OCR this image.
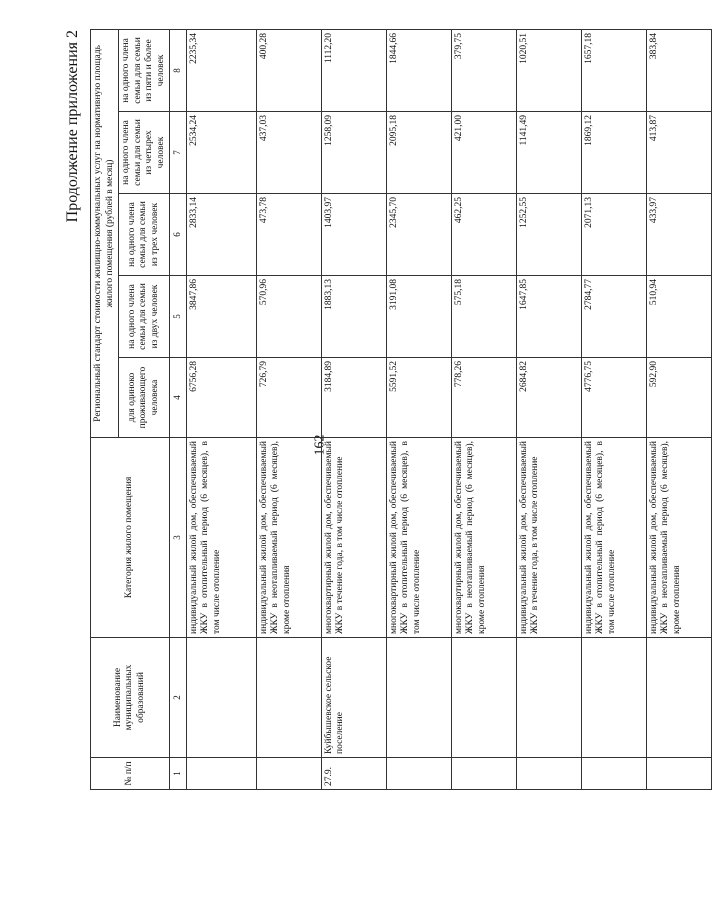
162
Продолжение приложения 2
№ п/п	Наименование муниципальных образований	Категория жилого помещения	Региональный стандарт стоимости жилищно-коммунальных услуг на нормативную площадь жилого помещения (рублей в месяц)				
			для одиноко проживающего человека	на одного члена семьи для семьи из двух человек	на одного члена семьи для семьи из трех человек	на одного члена семьи для семьи из четырех человек	на одного члена семьи для семьи из пяти и более человек
1	2	3	4	5	6	7	8
		индивидуальный жилой дом, обеспечиваемый ЖКУ в отопительный период (6 месяцев), в том числе отопление	6756,28	3847,86	2833,14	2534,24	2235,34
		индивидуальный жилой дом, обеспечиваемый ЖКУ в неотапливаемый период (6 месяцев), кроме отопления	726,79	570,96	473,78	437,03	400,28
27.9.	Куйбышевское сельское поселение	многоквартирный жилой дом, обеспечиваемый ЖКУ в течение года, в том числе отопление	3184,89	1883,13	1403,97	1258,09	1112,20
		многоквартирный жилой дом, обеспечиваемый ЖКУ в отопительный период (6 месяцев), в том числе отопление	5591,52	3191,08	2345,70	2095,18	1844,66
		многоквартирный жилой дом, обеспечиваемый ЖКУ в неотапливаемый период (6 месяцев), кроме отопления	778,26	575,18	462,25	421,00	379,75
		индивидуальный жилой дом, обеспечиваемый ЖКУ в течение года, в том числе отопление	2684,82	1647,85	1252,55	1141,49	1020,51
		индивидуальный жилой дом, обеспечиваемый ЖКУ в отопительный период (6 месяцев), в том числе отопление	4776,75	2784,77	2071,13	1869,12	1657,18
		индивидуальный жилой дом, обеспечиваемый ЖКУ в неотапливаемый период (6 месяцев), кроме отопления	592,90	510,94	433,97	413,87	383,84
